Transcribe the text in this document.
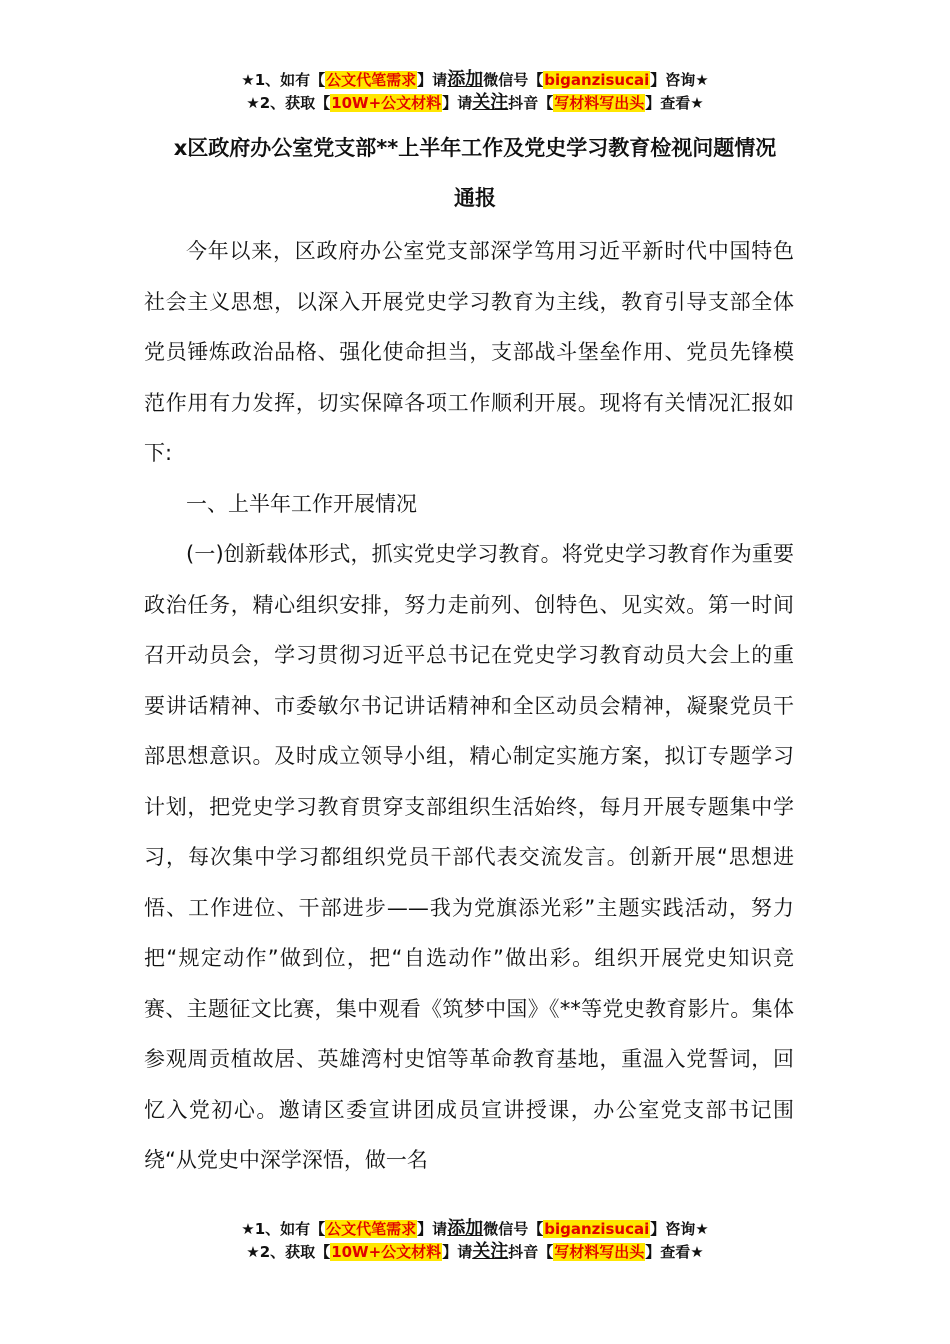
★1、如有【公文代笔需求】请添加微信号【biganzisucai】咨询★
★2、获取【10W+公文材料】请关注抖音【写材料写出头】查看★
x区政府办公室党支部**上半年工作及党史学习教育检视问题情况
通报

今年以来，区政府办公室党支部深学笃用习近平新时代中国特色社会主义思想，以深入开展党史学习教育为主线，教育引导支部全体党员锤炼政治品格、强化使命担当，支部战斗堡垒作用、党员先锋模范作用有力发挥，切实保障各项工作顺利开展。现将有关情况汇报如下:

一、上半年工作开展情况

(一)创新载体形式，抓实党史学习教育。将党史学习教育作为重要政治任务，精心组织安排，努力走前列、创特色、见实效。第一时间召开动员会，学习贯彻习近平总书记在党史学习教育动员大会上的重要讲话精神、市委敏尔书记讲话精神和全区动员会精神，凝聚党员干部思想意识。及时成立领导小组，精心制定实施方案，拟订专题学习计划，把党史学习教育贯穿支部组织生活始终，每月开展专题集中学习，每次集中学习都组织党员干部代表交流发言。创新开展“思想进悟、工作进位、干部进步——我为党旗添光彩”主题实践活动，努力把“规定动作”做到位，把“自选动作”做出彩。组织开展党史知识竞赛、主题征文比赛，集中观看《筑梦中国》《**等党史教育影片。集体参观周贡植故居、英雄湾村史馆等革命教育基地，重温入党誓词，回忆入党初心。邀请区委宣讲团成员宣讲授课，办公室党支部书记围绕“从党史中深学深悟，做一名

★1、如有【公文代笔需求】请添加微信号【biganzisucai】咨询★
★2、获取【10W+公文材料】请关注抖音【写材料写出头】查看★
